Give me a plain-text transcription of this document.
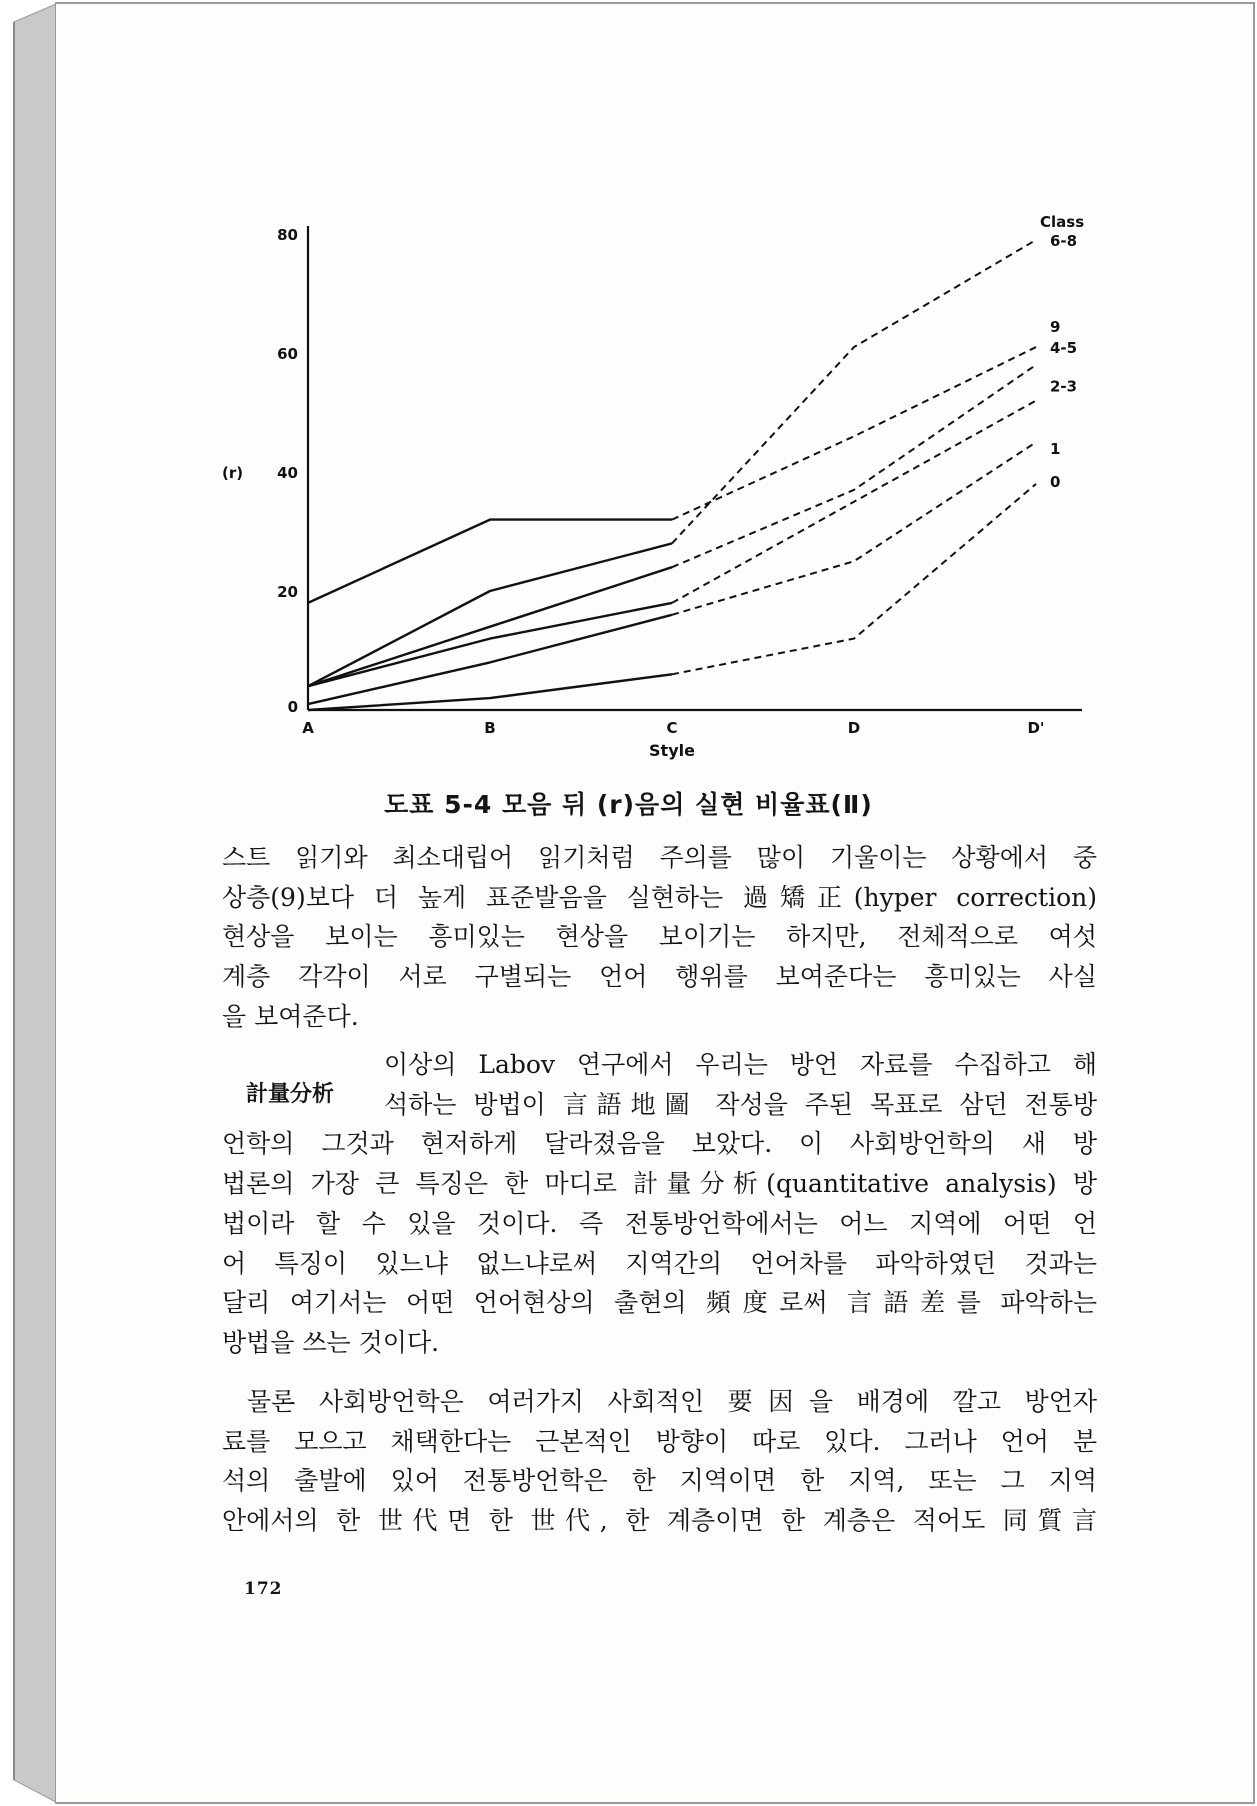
0
20
40
60
80
(r)
A	B	C	D	D'
Style
6-8
9
4-5
2-3
1
0
Class
도표 5-4 모음 뒤 (r)음의 실현 비율표(Ⅱ)
스트 읽기와 최소대립어 읽기처럼 주의를 많이 기울이는 상황에서 중
상층(9)보다 더 높게 표준발음을 실현하는 過矯正(hyper correction)
현상을 보이는 흥미있는 현상을 보이기는 하지만, 전체적으로 여섯
계층 각각이 서로 구별되는 언어 행위를 보여준다는 흥미있는 사실
을 보여준다.
計量分析
이상의 Labov 연구에서 우리는 방언 자료를 수집하고 해
석하는 방법이 言語地圖 작성을 주된 목표로 삼던 전통방
언학의 그것과 현저하게 달라졌음을 보았다. 이 사회방언학의 새 방
법론의 가장 큰 특징은 한 마디로 計量分析(quantitative analysis) 방
법이라 할 수 있을 것이다. 즉 전통방언학에서는 어느 지역에 어떤 언
어 특징이 있느냐 없느냐로써 지역간의 언어차를 파악하였던 것과는
달리 여기서는 어떤 언어현상의 출현의 頻度로써 言語差를 파악하는
방법을 쓰는 것이다.
물론 사회방언학은 여러가지 사회적인 要因을 배경에 깔고 방언자
료를 모으고 채택한다는 근본적인 방향이 따로 있다. 그러나 언어 분
석의 출발에 있어 전통방언학은 한 지역이면 한 지역, 또는 그 지역
안에서의 한 世代면 한 世代, 한 계층이면 한 계층은 적어도 同質言
172
